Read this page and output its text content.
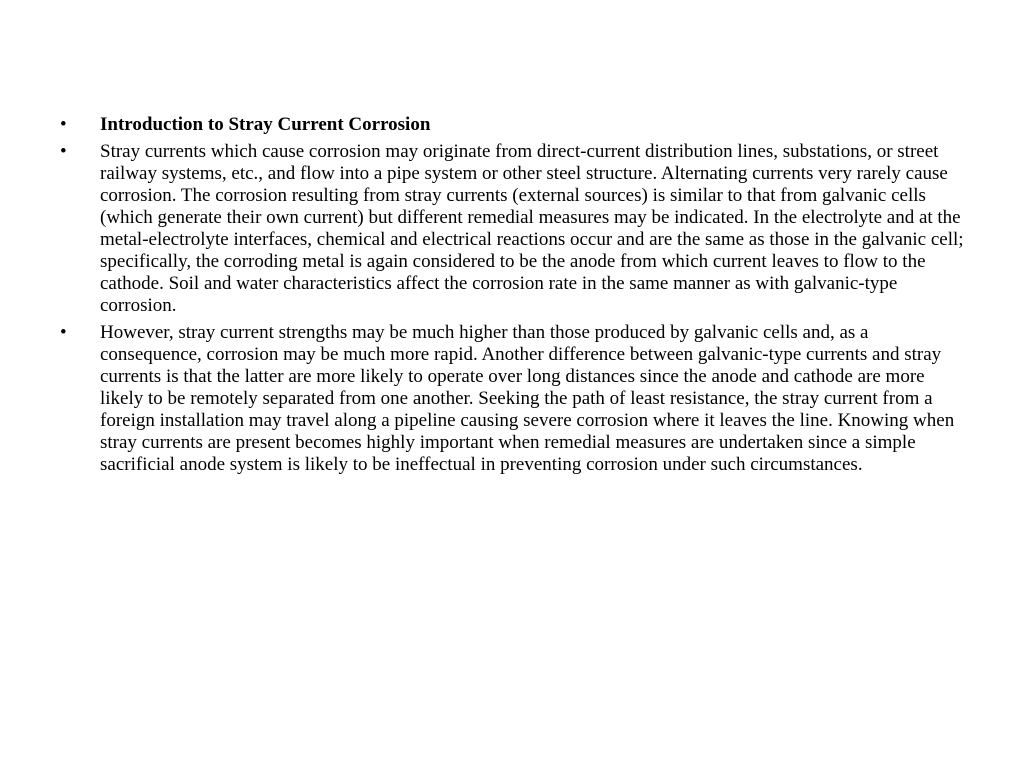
•	Introduction to Stray Current Corrosion
•	Stray currents which cause corrosion may originate from direct-current distribution lines, substations, or street railway systems, etc., and flow into a pipe system or other steel structure. Alternating currents very rarely cause corrosion. The corrosion resulting from stray currents (external sources) is similar to that from galvanic cells (which generate their own current) but different remedial measures may be indicated. In the electrolyte and at the metal-electrolyte interfaces, chemical and electrical reactions occur and are the same as those in the galvanic cell; specifically, the corroding metal is again considered to be the anode from which current leaves to flow to the cathode. Soil and water characteristics affect the corrosion rate in the same manner as with galvanic-type corrosion.
•	However, stray current strengths may be much higher than those produced by galvanic cells and, as a consequence, corrosion may be much more rapid. Another difference between galvanic-type currents and stray currents is that the latter are more likely to operate over long distances since the anode and cathode are more likely to be remotely separated from one another. Seeking the path of least resistance, the stray current from a foreign installation may travel along a pipeline causing severe corrosion where it leaves the line. Knowing when stray currents are present becomes highly important when remedial measures are undertaken since a simple sacrificial anode system is likely to be ineffectual in preventing corrosion under such circumstances.
